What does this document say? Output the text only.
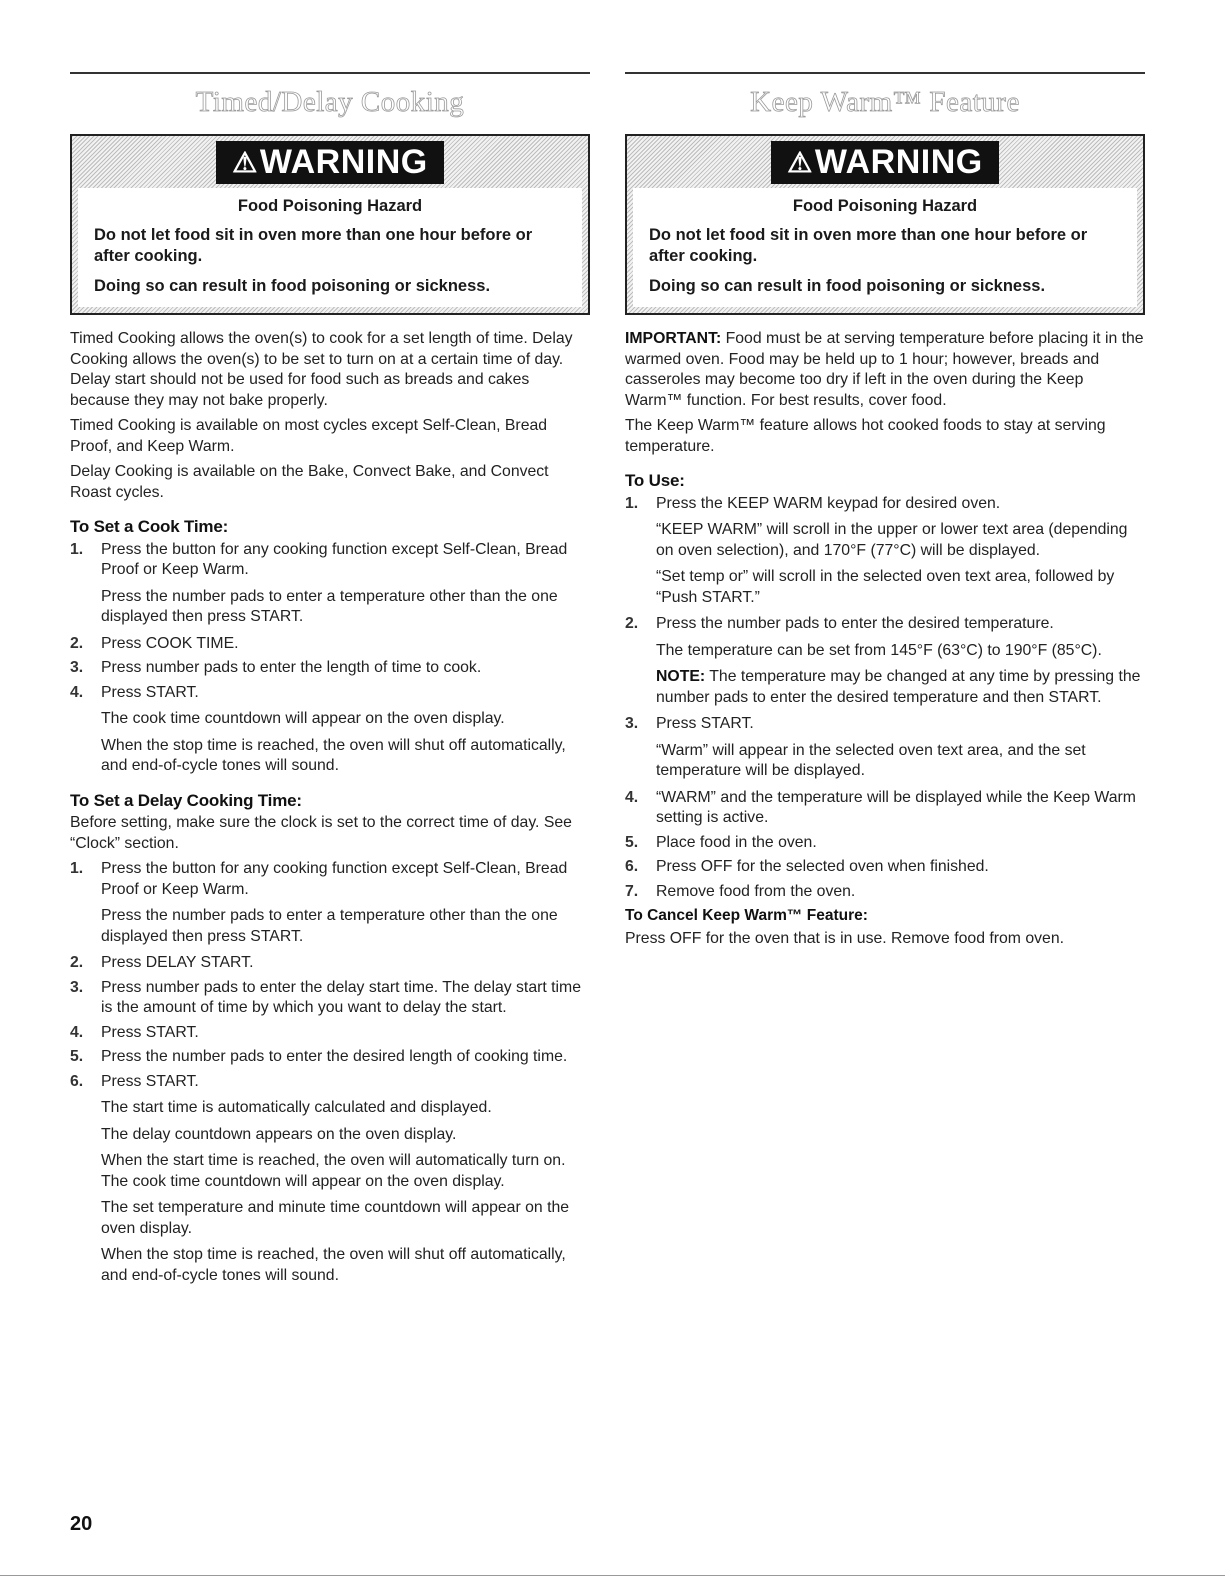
Timed/Delay Cooking
⚠ WARNING
Food Poisoning Hazard

Do not let food sit in oven more than one hour before or after cooking.

Doing so can result in food poisoning or sickness.

Timed Cooking allows the oven(s) to cook for a set length of time. Delay Cooking allows the oven(s) to be set to turn on at a certain time of day. Delay start should not be used for food such as breads and cakes because they may not bake properly.

Timed Cooking is available on most cycles except Self-Clean, Bread Proof, and Keep Warm.

Delay Cooking is available on the Bake, Convect Bake, and Convect Roast cycles.

To Set a Cook Time:
1.	Press the button for any cooking function except Self-Clean, Bread Proof or Keep Warm.

Press the number pads to enter a temperature other than the one displayed then press START.

2.	Press COOK TIME.
3.	Press number pads to enter the length of time to cook.
4.	Press START.

The cook time countdown will appear on the oven display.

When the stop time is reached, the oven will shut off automatically, and end-of-cycle tones will sound.

To Set a Delay Cooking Time:

Before setting, make sure the clock is set to the correct time of day. See “Clock” section.

1.	Press the button for any cooking function except Self-Clean, Bread Proof or Keep Warm.

Press the number pads to enter a temperature other than the one displayed then press START.

2.	Press DELAY START.
3.	Press number pads to enter the delay start time. The delay start time is the amount of time by which you want to delay the start.
4.	Press START.
5.	Press the number pads to enter the desired length of cooking time.
6.	Press START.

The start time is automatically calculated and displayed.

The delay countdown appears on the oven display.

When the start time is reached, the oven will automatically turn on. The cook time countdown will appear on the oven display.

The set temperature and minute time countdown will appear on the oven display.

When the stop time is reached, the oven will shut off automatically, and end-of-cycle tones will sound.

Keep Warm™ Feature
⚠ WARNING
Food Poisoning Hazard

Do not let food sit in oven more than one hour before or after cooking.

Doing so can result in food poisoning or sickness.

IMPORTANT: Food must be at serving temperature before placing it in the warmed oven. Food may be held up to 1 hour; however, breads and casseroles may become too dry if left in the oven during the Keep Warm™ function. For best results, cover food.

The Keep Warm™ feature allows hot cooked foods to stay at serving temperature.

To Use:
1.	Press the KEEP WARM keypad for desired oven.

“KEEP WARM” will scroll in the upper or lower text area (depending on oven selection), and 170°F (77°C) will be displayed.

“Set temp or” will scroll in the selected oven text area, followed by “Push START.”

2.	Press the number pads to enter the desired temperature.

The temperature can be set from 145°F (63°C) to 190°F (85°C).

NOTE: The temperature may be changed at any time by pressing the number pads to enter the desired temperature and then START.

3.	Press START.

“Warm” will appear in the selected oven text area, and the set temperature will be displayed.

4.	“WARM” and the temperature will be displayed while the Keep Warm setting is active.
5.	Place food in the oven.
6.	Press OFF for the selected oven when finished.
7.	Remove food from the oven.
To Cancel Keep Warm™ Feature:

Press OFF for the oven that is in use. Remove food from oven.

20
